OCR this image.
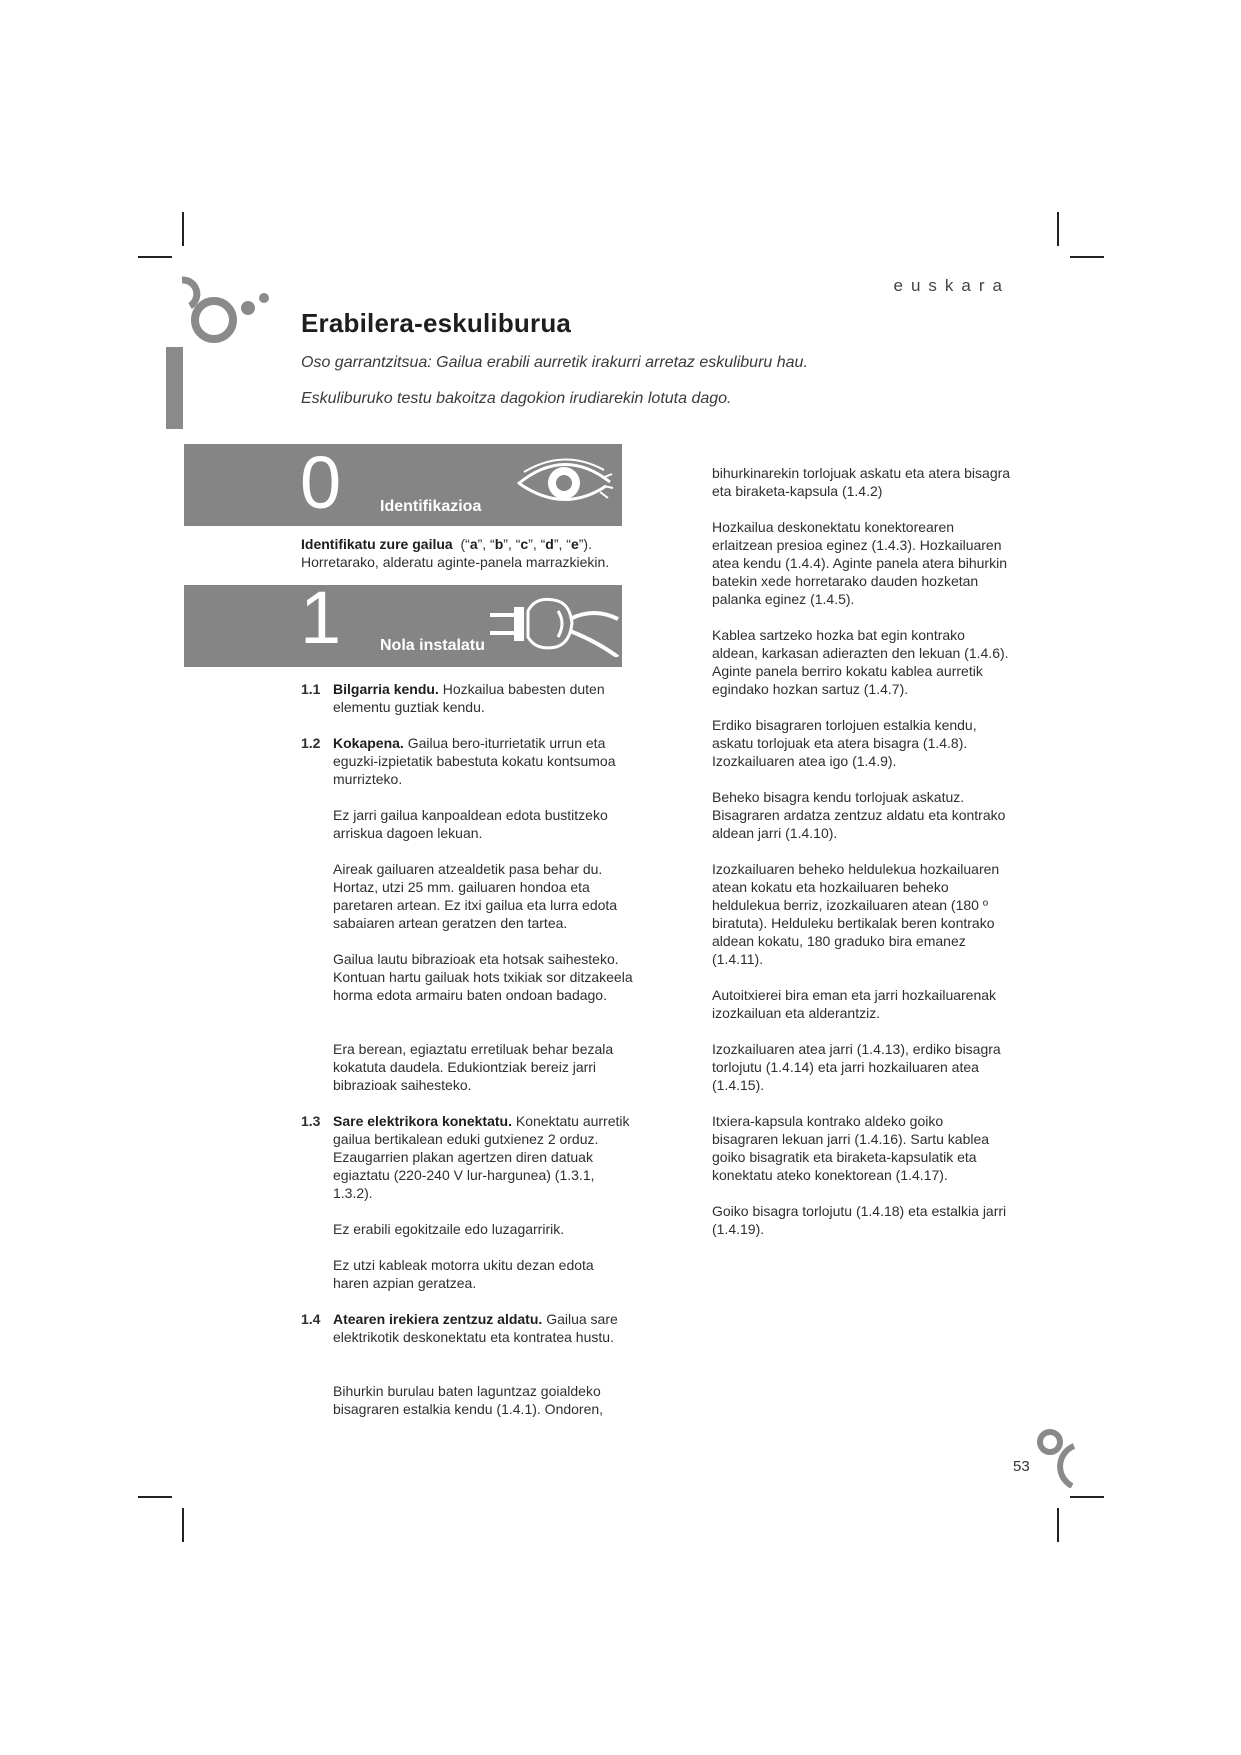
euskara
Erabilera-eskuliburua
Oso garrantzitsua: Gailua erabili aurretik irakurri arretaz eskuliburu hau.
Eskuliburuko testu bakoitza dagokion irudiarekin lotuta dago.
0 Identifikazioa
Identifikatu zure gailua (“a”, “b”, “c”, “d”, “e”).
Horretarako, alderatu aginte-panela marrazkiekin.
1 Nola instalatu
1.1 Bilgarria kendu. Hozkailua babesten duten elementu guztiak kendu.
1.2 Kokapena. Gailua bero-iturrietatik urrun eta eguzki-izpietatik babestuta kokatu kontsumoa murrizteko.
Ez jarri gailua kanpoaldean edota bustitzeko arriskua dagoen lekuan.
Aireak gailuaren atzealdetik pasa behar du. Hortaz, utzi 25 mm. gailuaren hondoa eta paretaren artean. Ez itxi gailua eta lurra edota sabaiaren artean geratzen den tartea.
Gailua lautu bibrazioak eta hotsak saihesteko. Kontuan hartu gailuak hots txikiak sor ditzakeela horma edota armairu baten ondoan badago.
Era berean, egiaztatu erretiluak behar bezala kokatuta daudela. Edukiontziak bereiz jarri bibrazioak saihesteko.
1.3 Sare elektrikora konektatu. Konektatu aurretik gailua bertikalean eduki gutxienez 2 orduz. Ezaugarrien plakan agertzen diren datuak egiaztatu (220-240 V lur-hargunea) (1.3.1, 1.3.2).
Ez erabili egokitzaile edo luzagarririk.
Ez utzi kableak motorra ukitu dezan edota haren azpian geratzea.
1.4 Atearen irekiera zentzuz aldatu. Gailua sare elektrikotik deskonektatu eta kontratea hustu.
Bihurkin burulau baten laguntzaz goialdeko bisagraren estalkia kendu (1.4.1). Ondoren,
bihurkinarekin torlojuak askatu eta atera bisagra eta biraketa-kapsula (1.4.2)
Hozkailua deskonektatu konektorearen erlaitzean presioa eginez (1.4.3). Hozkailuaren atea kendu (1.4.4). Aginte panela atera bihurkin batekin xede horretarako dauden hozketan palanka eginez (1.4.5).
Kablea sartzeko hozka bat egin kontrako aldean, karkasan adierazten den lekuan (1.4.6). Aginte panela berriro kokatu kablea aurretik egindako hozkan sartuz (1.4.7).
Erdiko bisagraren torlojuen estalkia kendu, askatu torlojuak eta atera bisagra (1.4.8). Izozkailuaren atea igo (1.4.9).
Beheko bisagra kendu torlojuak askatuz. Bisagraren ardatza zentzuz aldatu eta kontrako aldean jarri (1.4.10).
Izozkailuaren beheko heldulekua hozkailuaren atean kokatu eta hozkailuaren beheko heldulekua berriz, izozkailuaren atean (180 º biratuta). Helduleku bertikalak beren kontrako aldean kokatu, 180 graduko bira emanez (1.4.11).
Autoitxierei bira eman eta jarri hozkailuarenak izozkailuan eta alderantziz.
Izozkailuaren atea jarri (1.4.13), erdiko bisagra torlojutu (1.4.14) eta jarri hozkailuaren atea (1.4.15).
Itxiera-kapsula kontrako aldeko goiko bisagraren lekuan jarri (1.4.16). Sartu kablea goiko bisagratik eta biraketa-kapsulatik eta konektatu ateko konektorean (1.4.17).
Goiko bisagra torlojutu (1.4.18) eta estalkia jarri (1.4.19).
53
